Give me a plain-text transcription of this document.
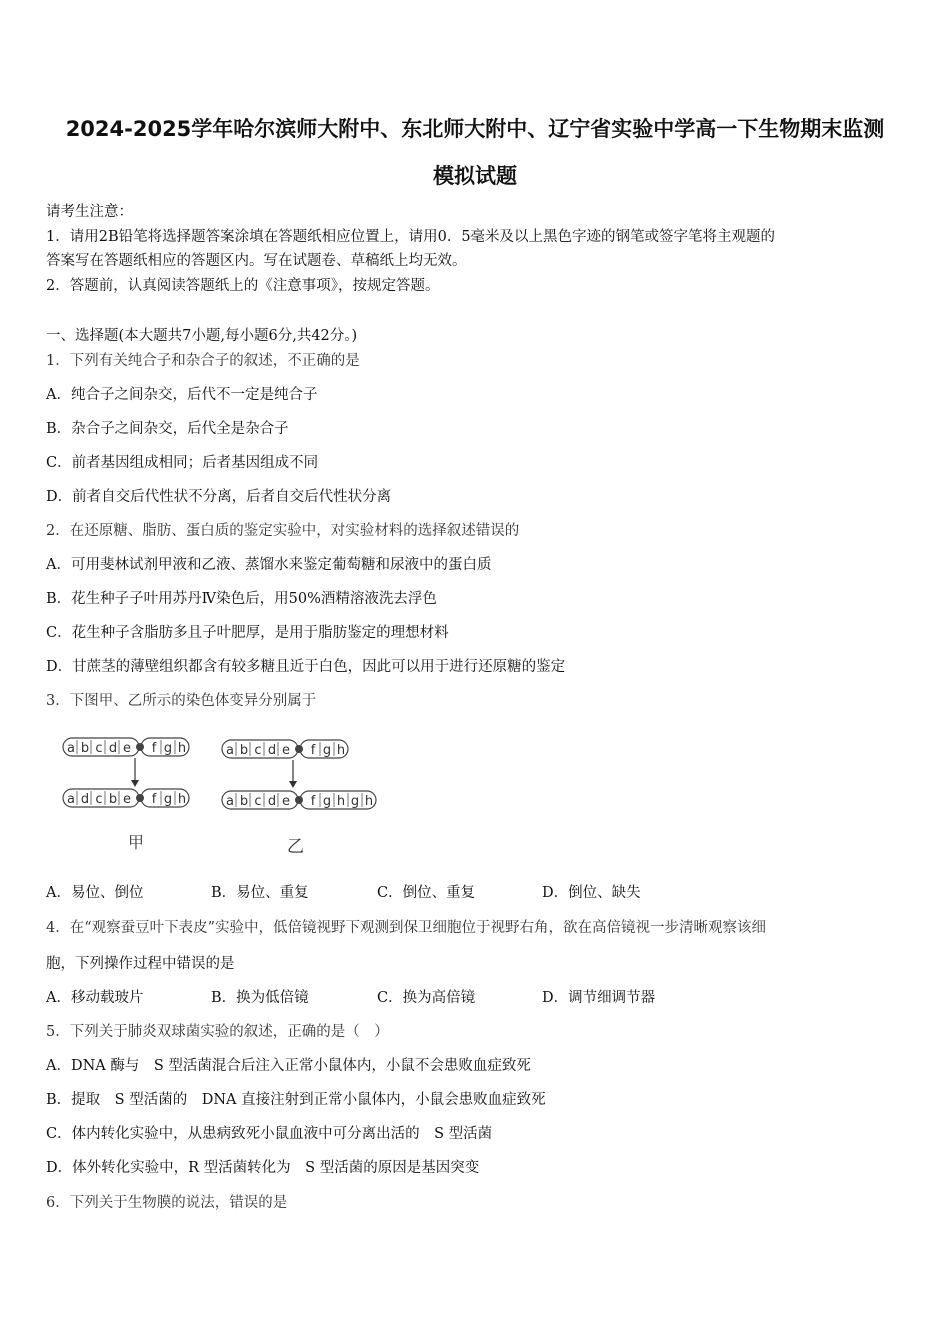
2024-2025学年哈尔滨师大附中、东北师大附中、辽宁省实验中学高一下生物期末监测
模拟试题
请考生注意：
1．请用2B铅笔将选择题答案涂填在答题纸相应位置上，请用0．5毫米及以上黑色字迹的钢笔或签字笔将主观题的
答案写在答题纸相应的答题区内。写在试题卷、草稿纸上均无效。
2．答题前，认真阅读答题纸上的《注意事项》，按规定答题。
一、选择题(本大题共7小题,每小题6分,共42分。)
1．下列有关纯合子和杂合子的叙述，不正确的是
A．纯合子之间杂交，后代不一定是纯合子
B．杂合子之间杂交，后代全是杂合子
C．前者基因组成相同；后者基因组成不同
D．前者自交后代性状不分离，后者自交后代性状分离
2．在还原糖、脂肪、蛋白质的鉴定实验中，对实验材料的选择叙述错误的
A．可用斐林试剂甲液和乙液、蒸馏水来鉴定葡萄糖和尿液中的蛋白质
B．花生种子子叶用苏丹Ⅳ染色后，用50%酒精溶液洗去浮色
C．花生种子含脂肪多且子叶肥厚，是用于脂肪鉴定的理想材料
D．甘蔗茎的薄壁组织都含有较多糖且近于白色，因此可以用于进行还原糖的鉴定
3．下图甲、乙所示的染色体变异分别属于
a b c d e f g h
a d c b e f g h
a b c d e f g h
a b c d e f g h g h
甲	乙
A．易位、倒位	B．易位、重复	C．倒位、重复	D．倒位、缺失
4．在“观察蚕豆叶下表皮”实验中，低倍镜视野下观测到保卫细胞位于视野右角，欲在高倍镜视一步清晰观察该细
胞，下列操作过程中错误的是
A．移动载玻片	B．换为低倍镜	C．换为高倍镜	D．调节细调节器
5．下列关于肺炎双球菌实验的叙述，正确的是（　）
A．DNA 酶与　S 型活菌混合后注入正常小鼠体内，小鼠不会患败血症致死
B．提取　S 型活菌的　DNA 直接注射到正常小鼠体内，小鼠会患败血症致死
C．体内转化实验中，从患病致死小鼠血液中可分离出活的　S 型活菌
D．体外转化实验中，R 型活菌转化为　S 型活菌的原因是基因突变
6．下列关于生物膜的说法，错误的是
